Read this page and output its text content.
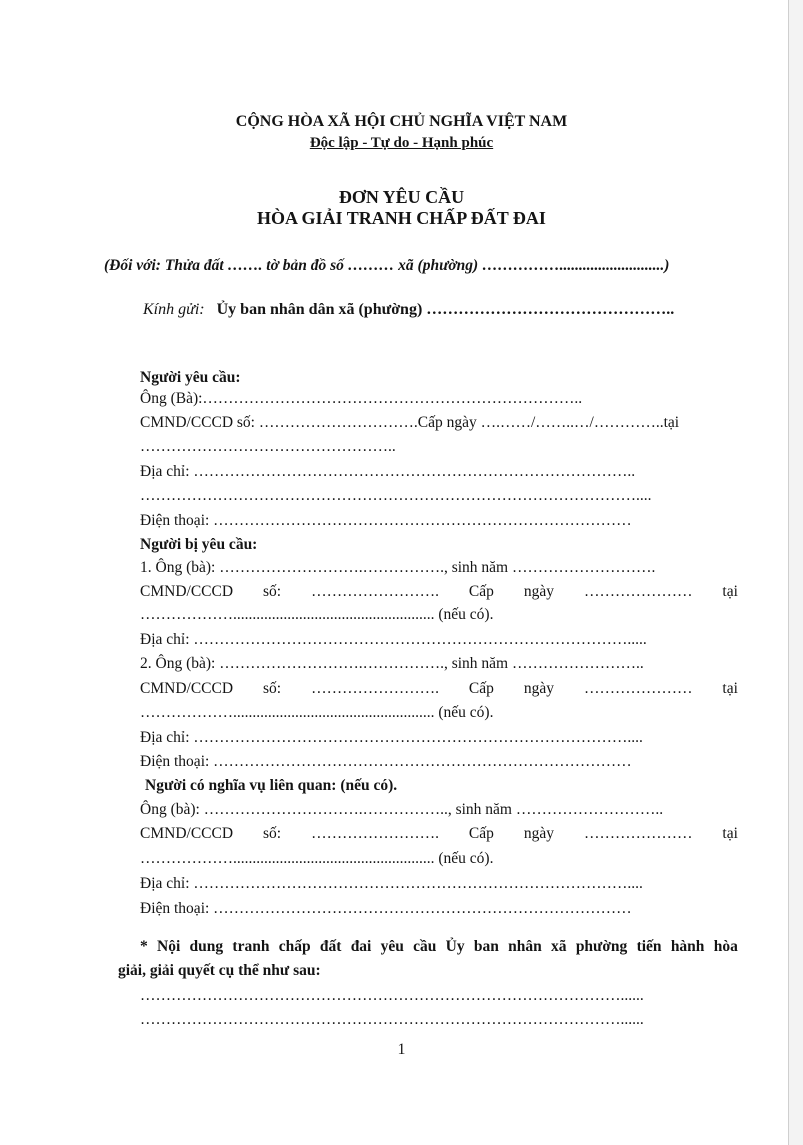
CỘNG HÒA XÃ HỘI CHỦ NGHĨA VIỆT NAM
Độc lập - Tự do - Hạnh phúc
ĐƠN YÊU CẦU
HÒA GIẢI TRANH CHẤP ĐẤT ĐAI
(Đối với: Thửa đất ……. tờ bản đồ số ……… xã (phường) ……………...........................)
Kính gửi: Ủy ban nhân dân xã (phường) ………………………………………..
Người yêu cầu:
Ông (Bà):………………………………………………………………..
CMND/CCCD số: ………………………….Cấp ngày ….……/……..…/…………..tại
…………………………………………..
Địa chỉ: …………………………………………………………………………..
……………………………………………………………………………………....
Điện thoại: ………………………………………………………………………
Người bị yêu cầu:
1. Ông (bà): ……………………….……………., sinh năm ……………………….
CMND/CCCD số: ……………………. Cấp ngày ………………… tại
……………….................................................... (nếu có).
Địa chỉ: ………………………………………………………………………….....
2. Ông (bà): ……………………….……………., sinh năm ……………………..
CMND/CCCD số: ……………………. Cấp ngày ………………… tại
……………….................................................... (nếu có).
Địa chỉ: …………………………………………………………………………....
Điện thoại: ………………………………………………………………………
Người có nghĩa vụ liên quan: (nếu có).
Ông (bà): ………………………….…………….., sinh năm ………………………..
CMND/CCCD số: ……………………. Cấp ngày ………………… tại
……………….................................................... (nếu có).
Địa chỉ: …………………………………………………………………………....
Điện thoại: ………………………………………………………………………
* Nội dung tranh chấp đất đai yêu cầu Ủy ban nhân xã phường tiến hành hòa
giải, giải quyết cụ thể như sau:
…………………………………………………………………………………......
…………………………………………………………………………………......
1
